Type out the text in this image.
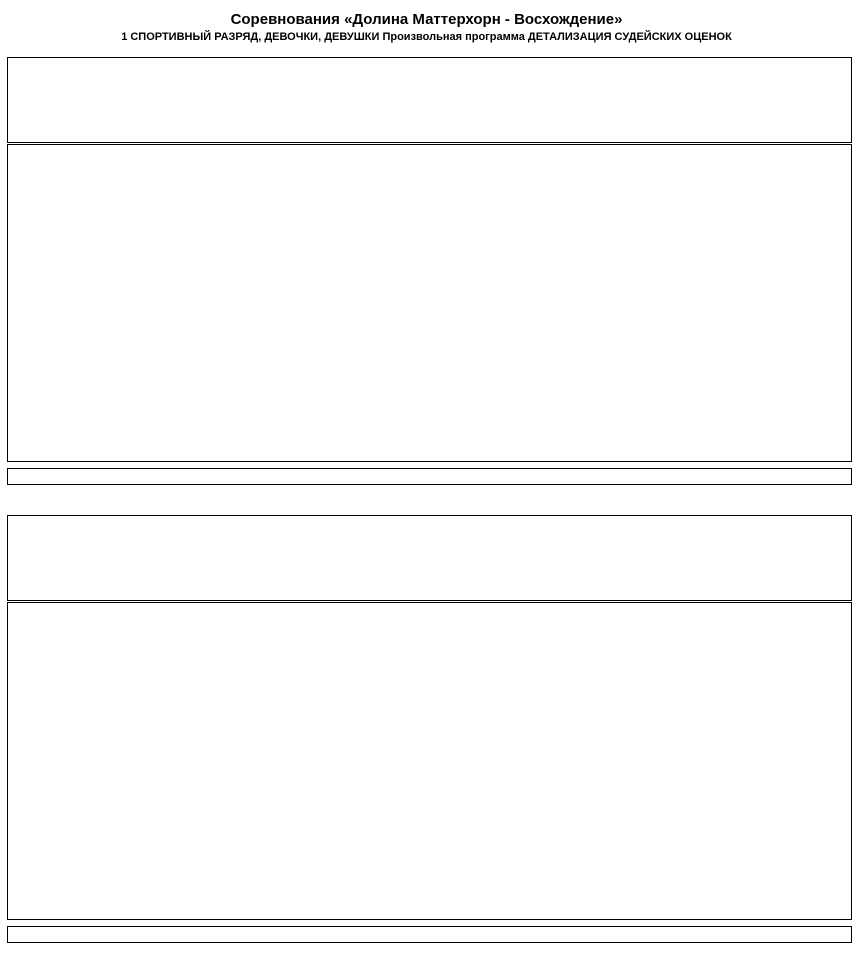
Соревнования «Долина Маттерхорн - Восхождение»
1 СПОРТИВНЫЙ РАЗРЯД, ДЕВОЧКИ, ДЕВУШКИ Произвольная программа ДЕТАЛИЗАЦИЯ СУДЕЙСКИХ ОЦЕНОК
